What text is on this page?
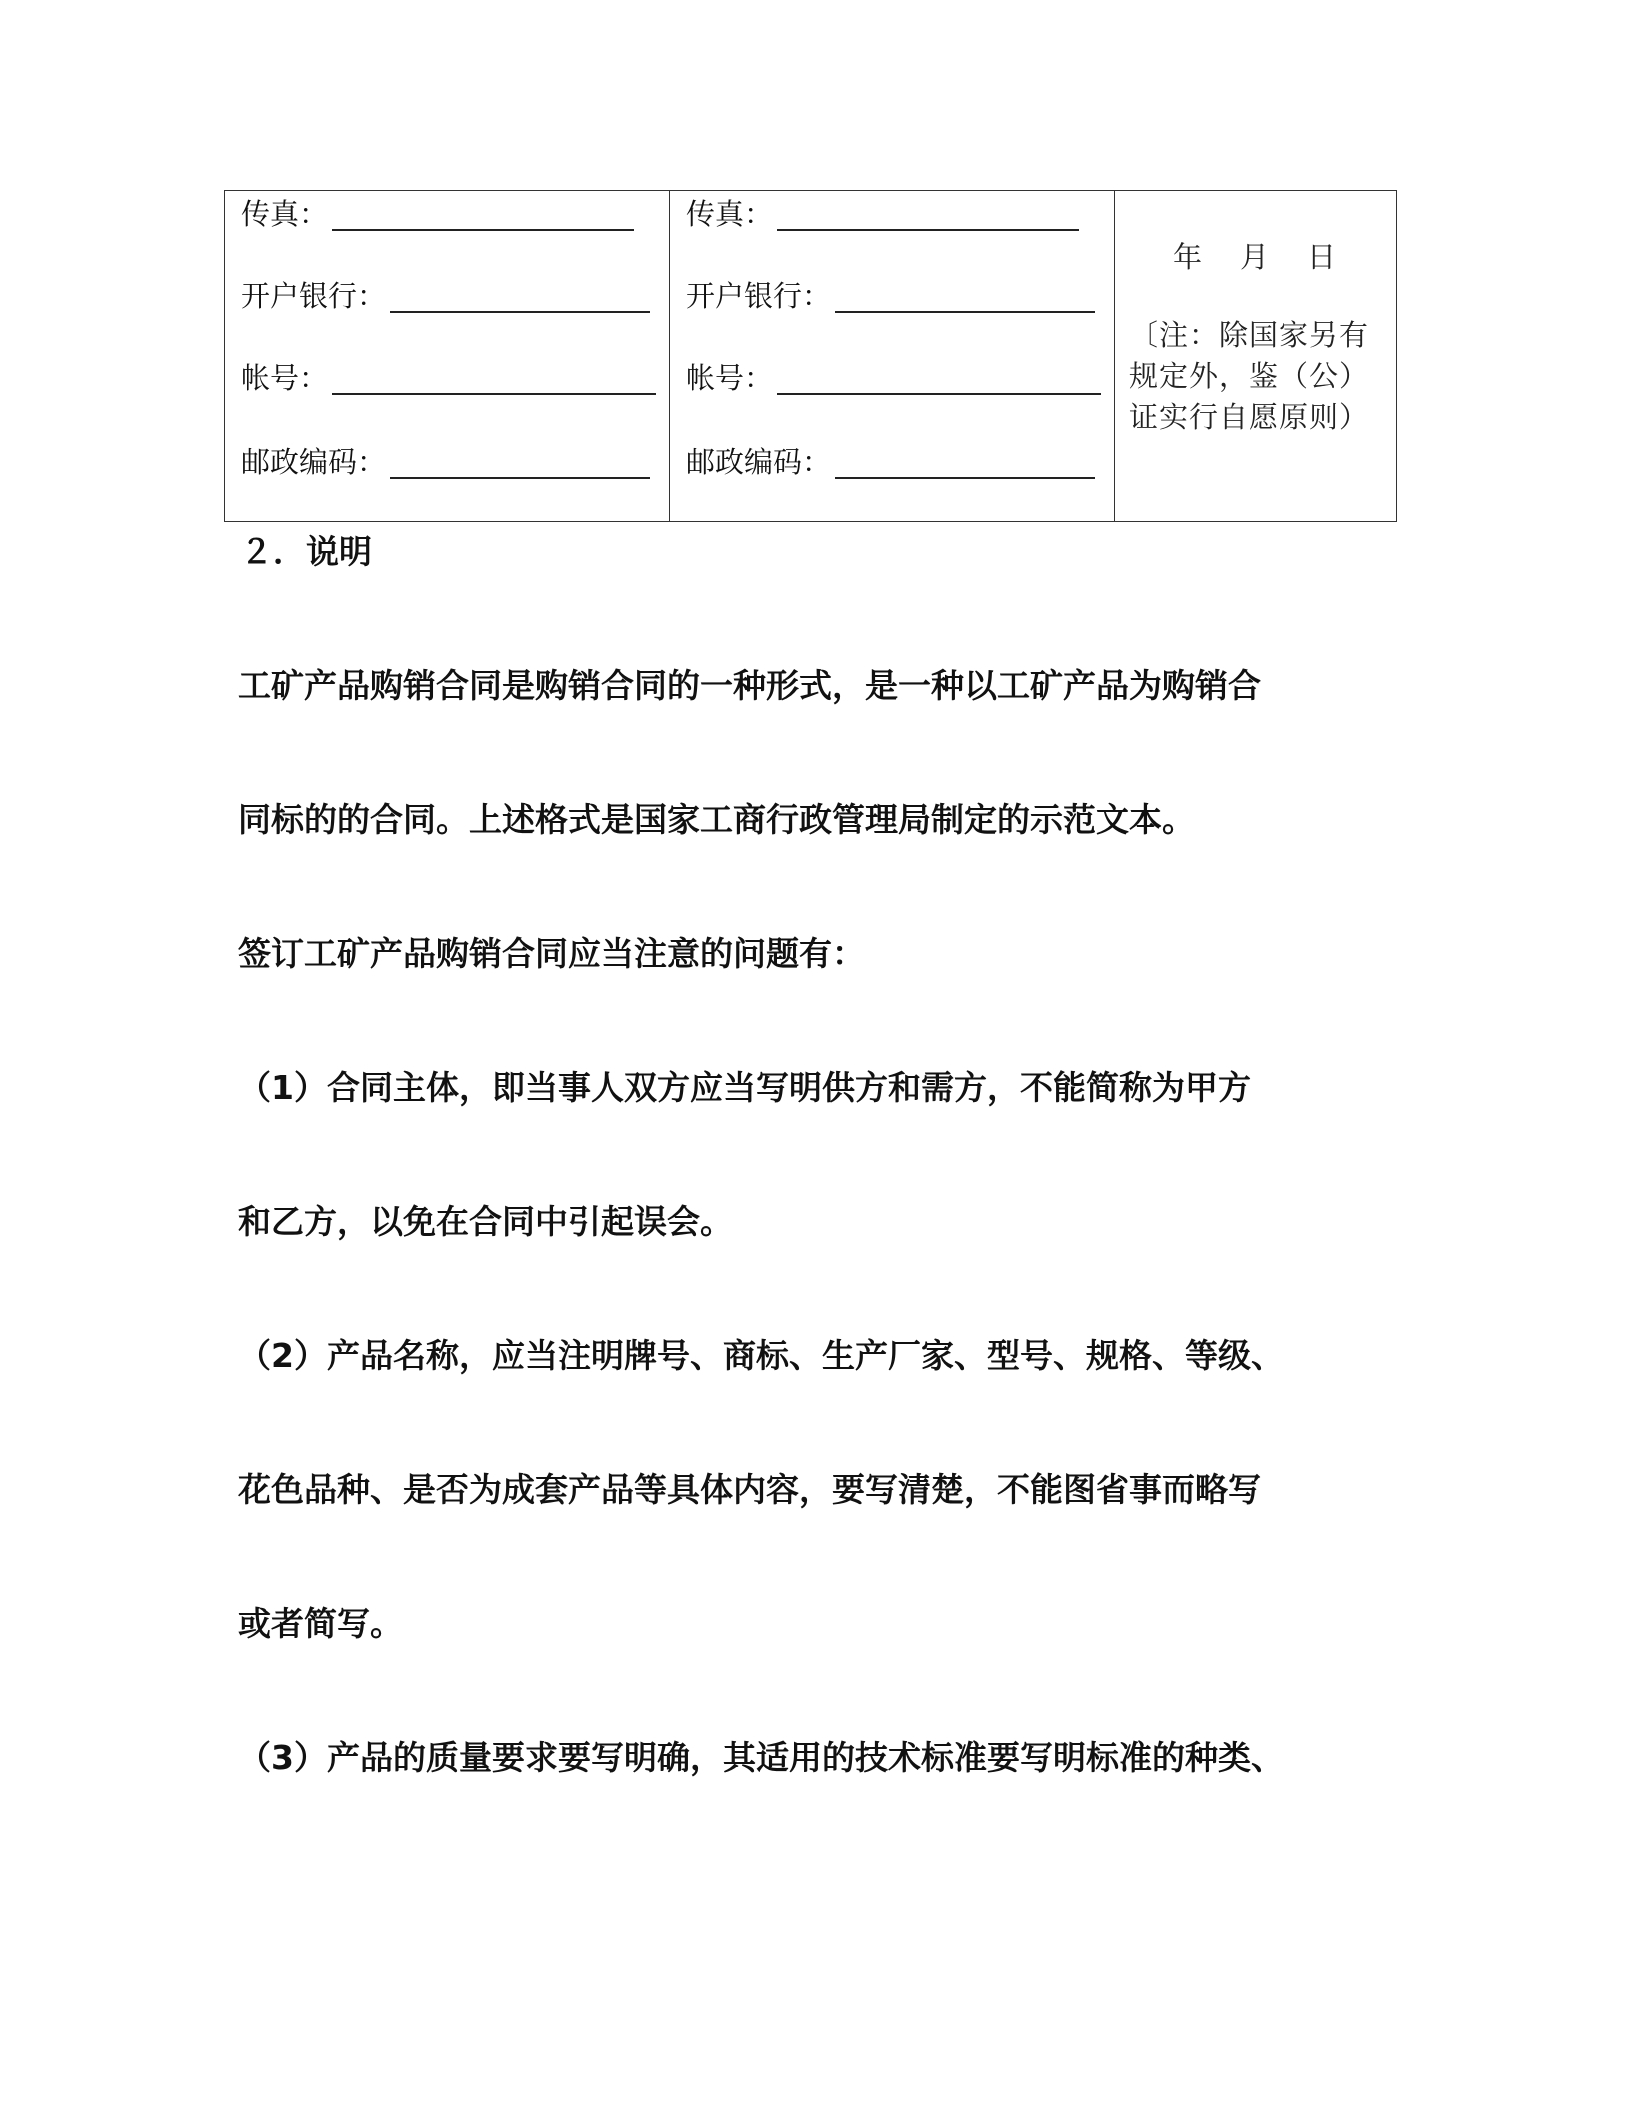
传真：
开户银行：
帐号：
邮政编码：

传真：
开户银行：
帐号：
邮政编码：

年 月 日
〔注：除国家另有
规定外，鉴（公）
证实行自愿原则）

２．说明

工矿产品购销合同是购销合同的一种形式，是一种以工矿产品为购销合

同标的的合同。上述格式是国家工商行政管理局制定的示范文本。

签订工矿产品购销合同应当注意的问题有：

（1）合同主体，即当事人双方应当写明供方和需方，不能简称为甲方

和乙方，以免在合同中引起误会。

（2）产品名称，应当注明牌号、商标、生产厂家、型号、规格、等级、

花色品种、是否为成套产品等具体内容，要写清楚，不能图省事而略写

或者简写。

（3）产品的质量要求要写明确，其适用的技术标准要写明标准的种类、
